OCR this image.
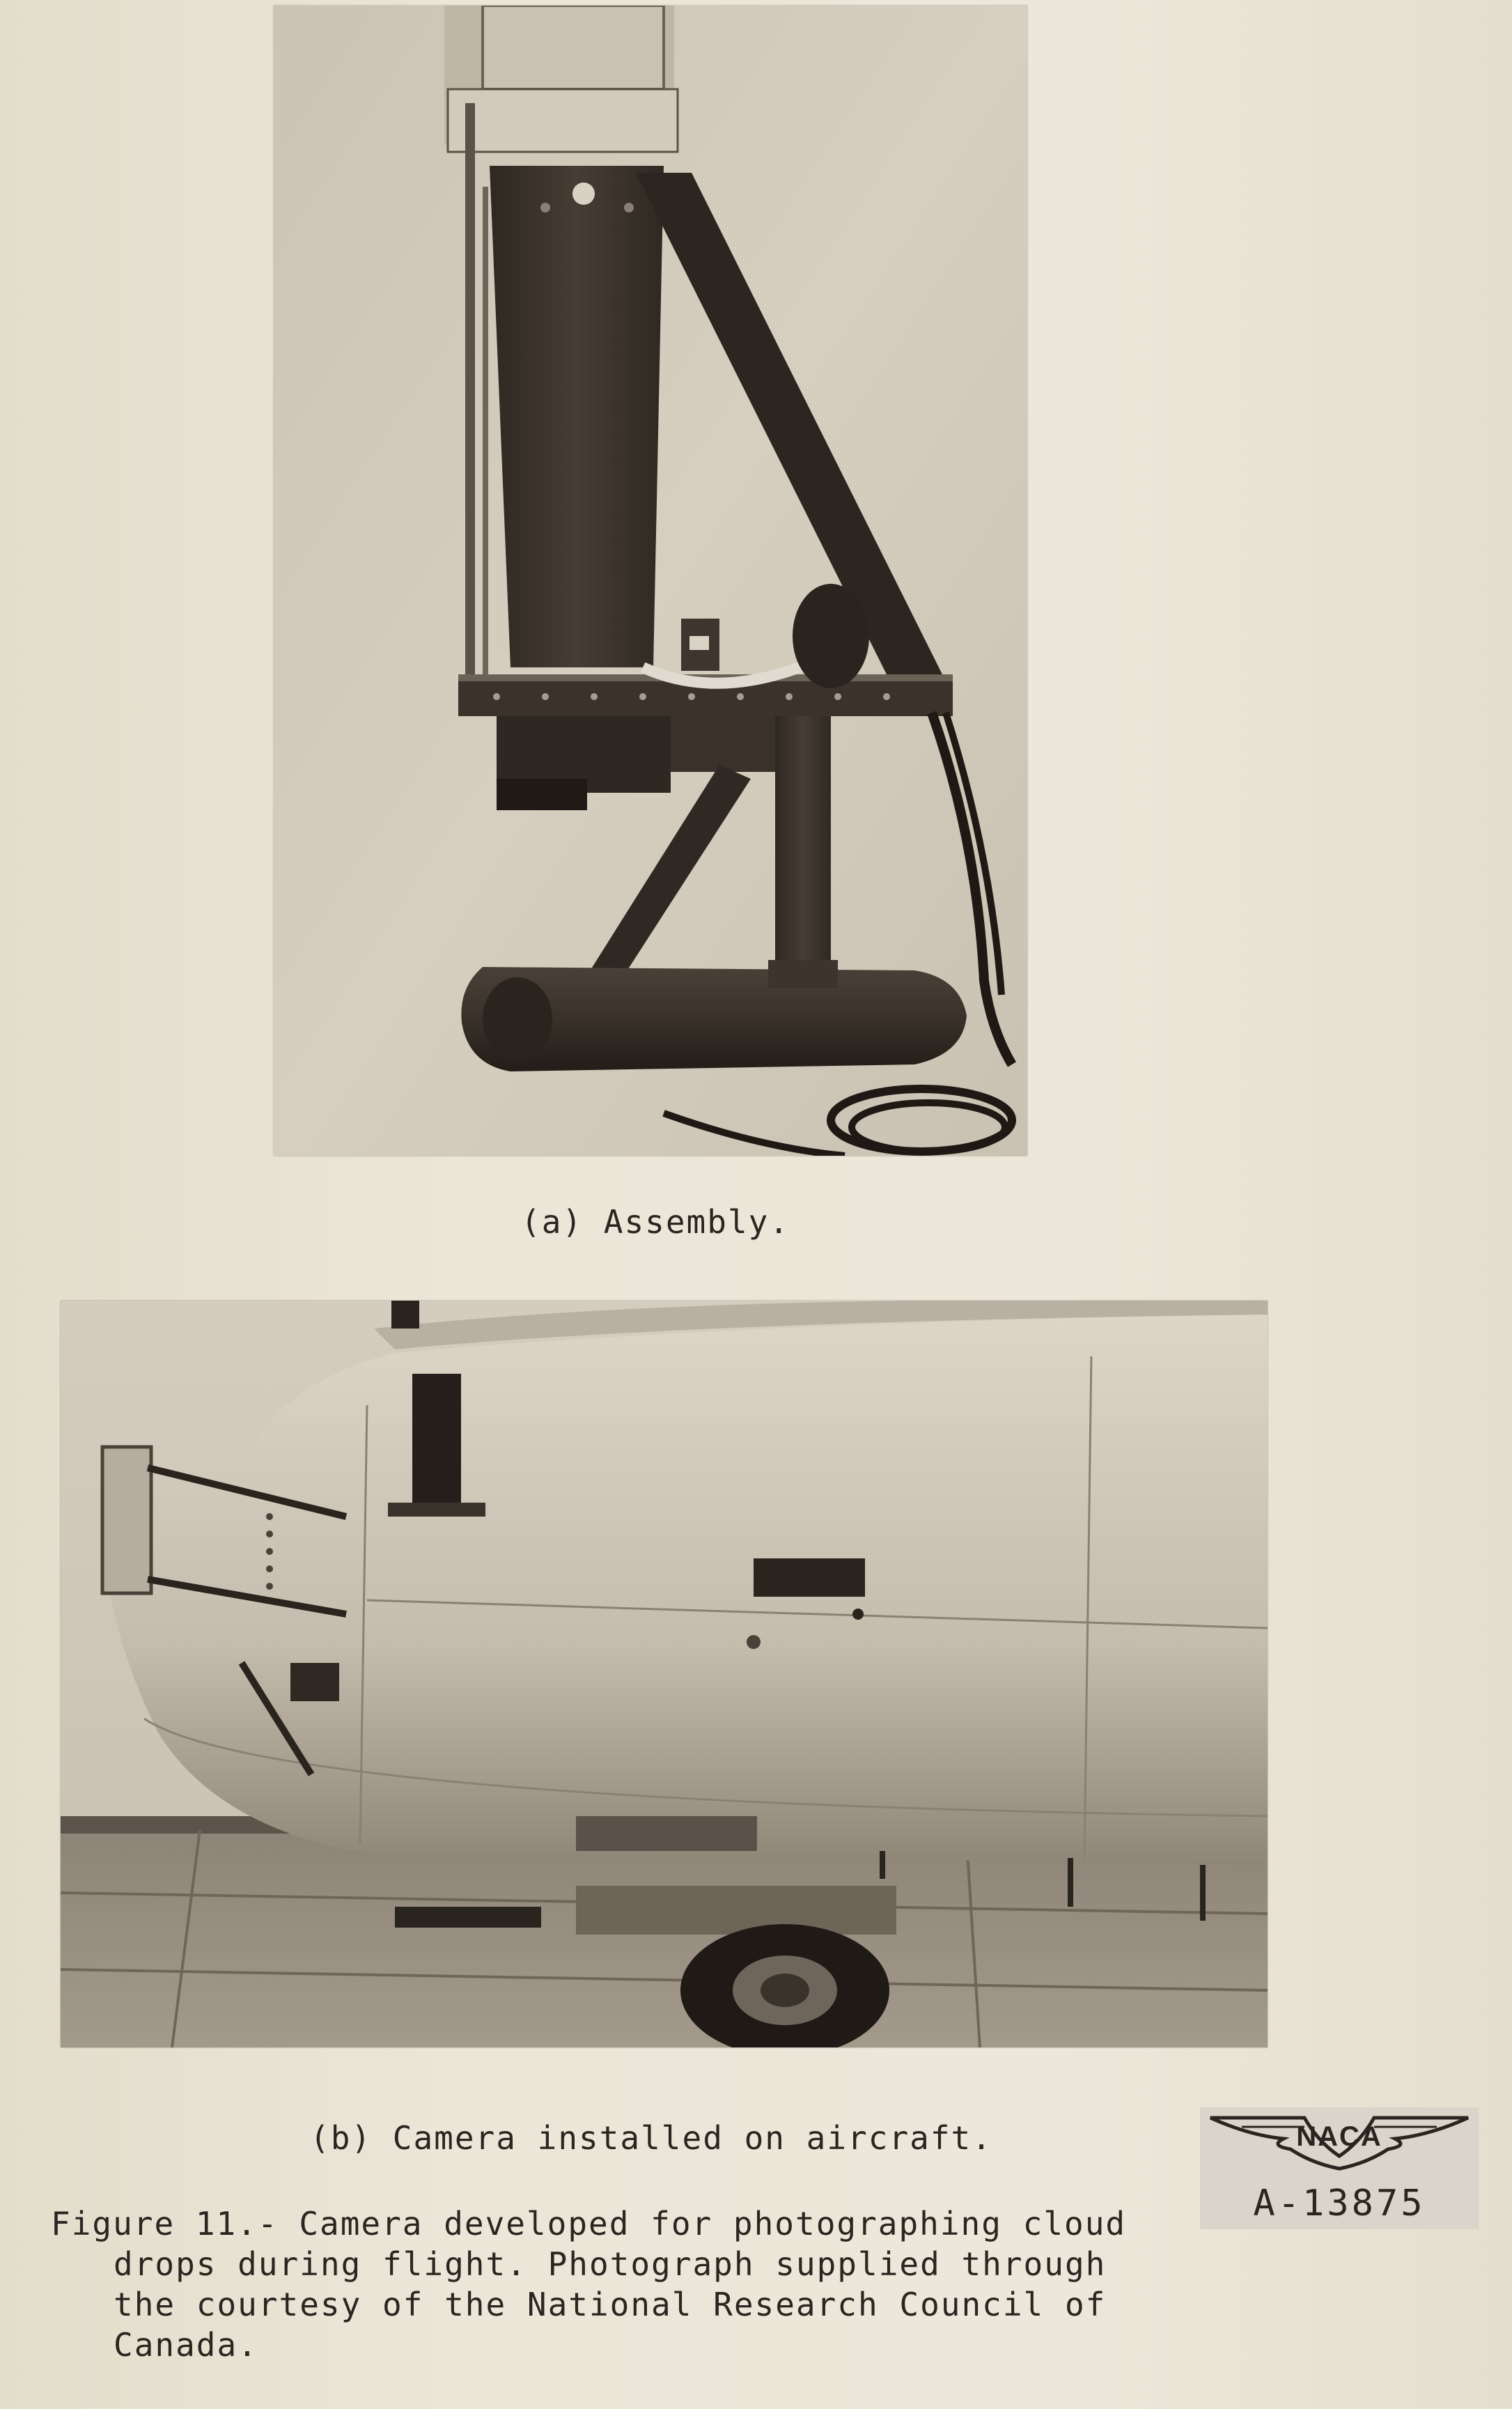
(a) Assembly.
(b) Camera installed on aircraft.
Figure 11.- Camera developed for photographing cloud
drops during flight. Photograph supplied through
the courtesy of the National Research Council of
Canada.
NACA
A-13875
